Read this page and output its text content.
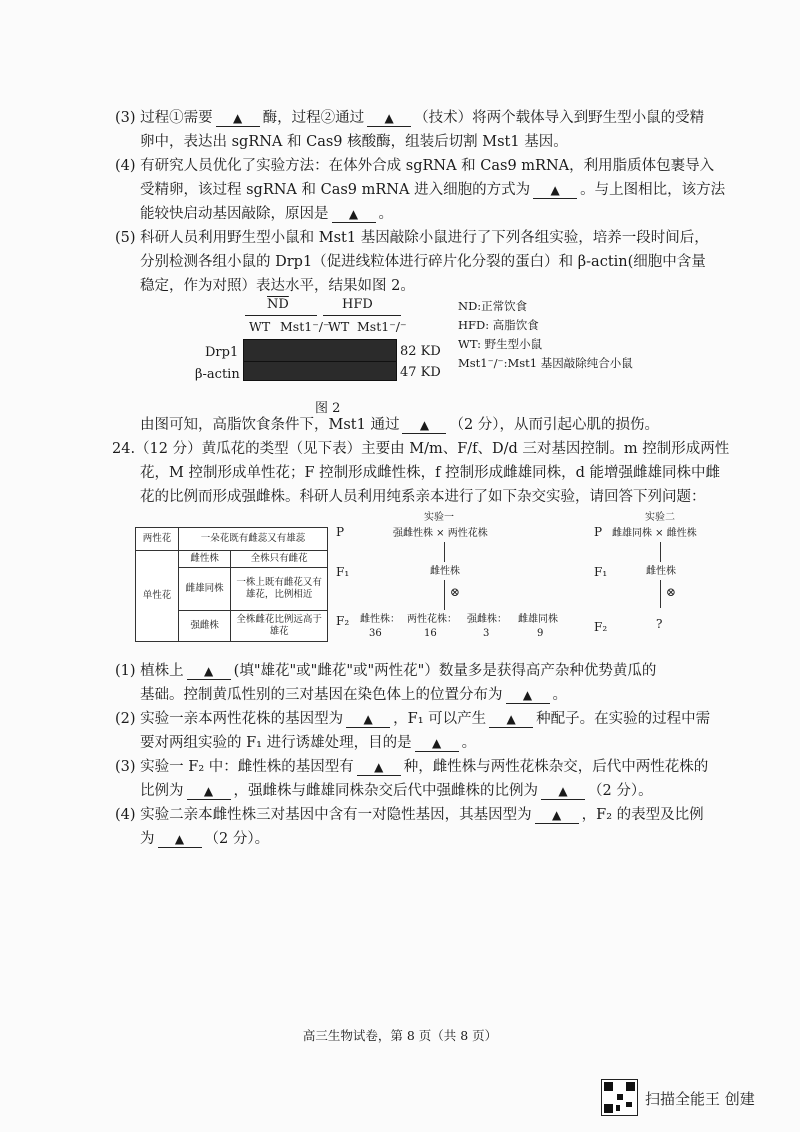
(3) 过程①需要 ▲ 酶，过程②通过 ▲ （技术）将两个载体导入到野生型小鼠的受精
卵中，表达出 sgRNA 和 Cas9 核酸酶，组装后切割 Mst1 基因。
(4) 有研究人员优化了实验方法：在体外合成 sgRNA 和 Cas9 mRNA，利用脂质体包裹导入
受精卵，该过程 sgRNA 和 Cas9 mRNA 进入细胞的方式为 ▲ 。与上图相比，该方法
能较快启动基因敲除，原因是 ▲ 。
(5) 科研人员利用野生型小鼠和 Mst1 基因敲除小鼠进行了下列各组实验，培养一段时间后，
分别检测各组小鼠的 Drp1（促进线粒体进行碎片化分裂的蛋白）和 β-actin(细胞中含量
稳定，作为对照）表达水平，结果如图 2。
$\overline{ND}$	HFD
WT Mst1⁻/⁻
WT Mst1⁻/⁻
Drp1
β-actin
82 KD
47 KD
ND:正常饮食
HFD: 高脂饮食
WT: 野生型小鼠
Mst1⁻/⁻:Mst1 基因敲除纯合小鼠
图 2
由图可知，高脂饮食条件下，Mst1 通过 ▲ （2 分），从而引起心肌的损伤。
24.（12 分）黄瓜花的类型（见下表）主要由 M/m、F/f、D/d 三对基因控制。m 控制形成两性
花，M 控制形成单性花；F 控制形成雌性株，f 控制形成雌雄同株，d 能增强雌雄同株中雌
花的比例而形成强雌株。科研人员利用纯系亲本进行了如下杂交实验，请回答下列问题：
两性花	一朵花既有雌蕊又有雄蕊	
单性花	雌性株	全株只有雌花
	雌雄同株	一株上既有雌花又有雄花，比例相近
	强雌株	全株雌花比例远高于雄花
实验一
P	强雌性株 × 两性花株
F₁	雌性株
⊗
F₂ 雌性株： 两性花株： 强雌株： 雌雄同株
36	16	3	9
实验二
P 雌雄同株 × 雌性株
F₁	雌性株
⊗
F₂	?
(1) 植株上 ▲ (填"雄花"或"雌花"或"两性花"）数量多是获得高产杂种优势黄瓜的
基础。控制黄瓜性别的三对基因在染色体上的位置分布为 ▲ 。
(2) 实验一亲本两性花株的基因型为 ▲ ，F₁ 可以产生 ▲ 种配子。在实验的过程中需
要对两组实验的 F₁ 进行诱雄处理，目的是 ▲ 。
(3) 实验一 F₂ 中：雌性株的基因型有 ▲ 种，雌性株与两性花株杂交，后代中两性花株的
比例为 ▲ ，强雌株与雌雄同株杂交后代中强雌株的比例为 ▲ （2 分）。
(4) 实验二亲本雌性株三对基因中含有一对隐性基因，其基因型为 ▲ ，F₂ 的表型及比例
为 ▲ （2 分）。
高三生物试卷，第 8 页（共 8 页）
扫描全能王 创建
